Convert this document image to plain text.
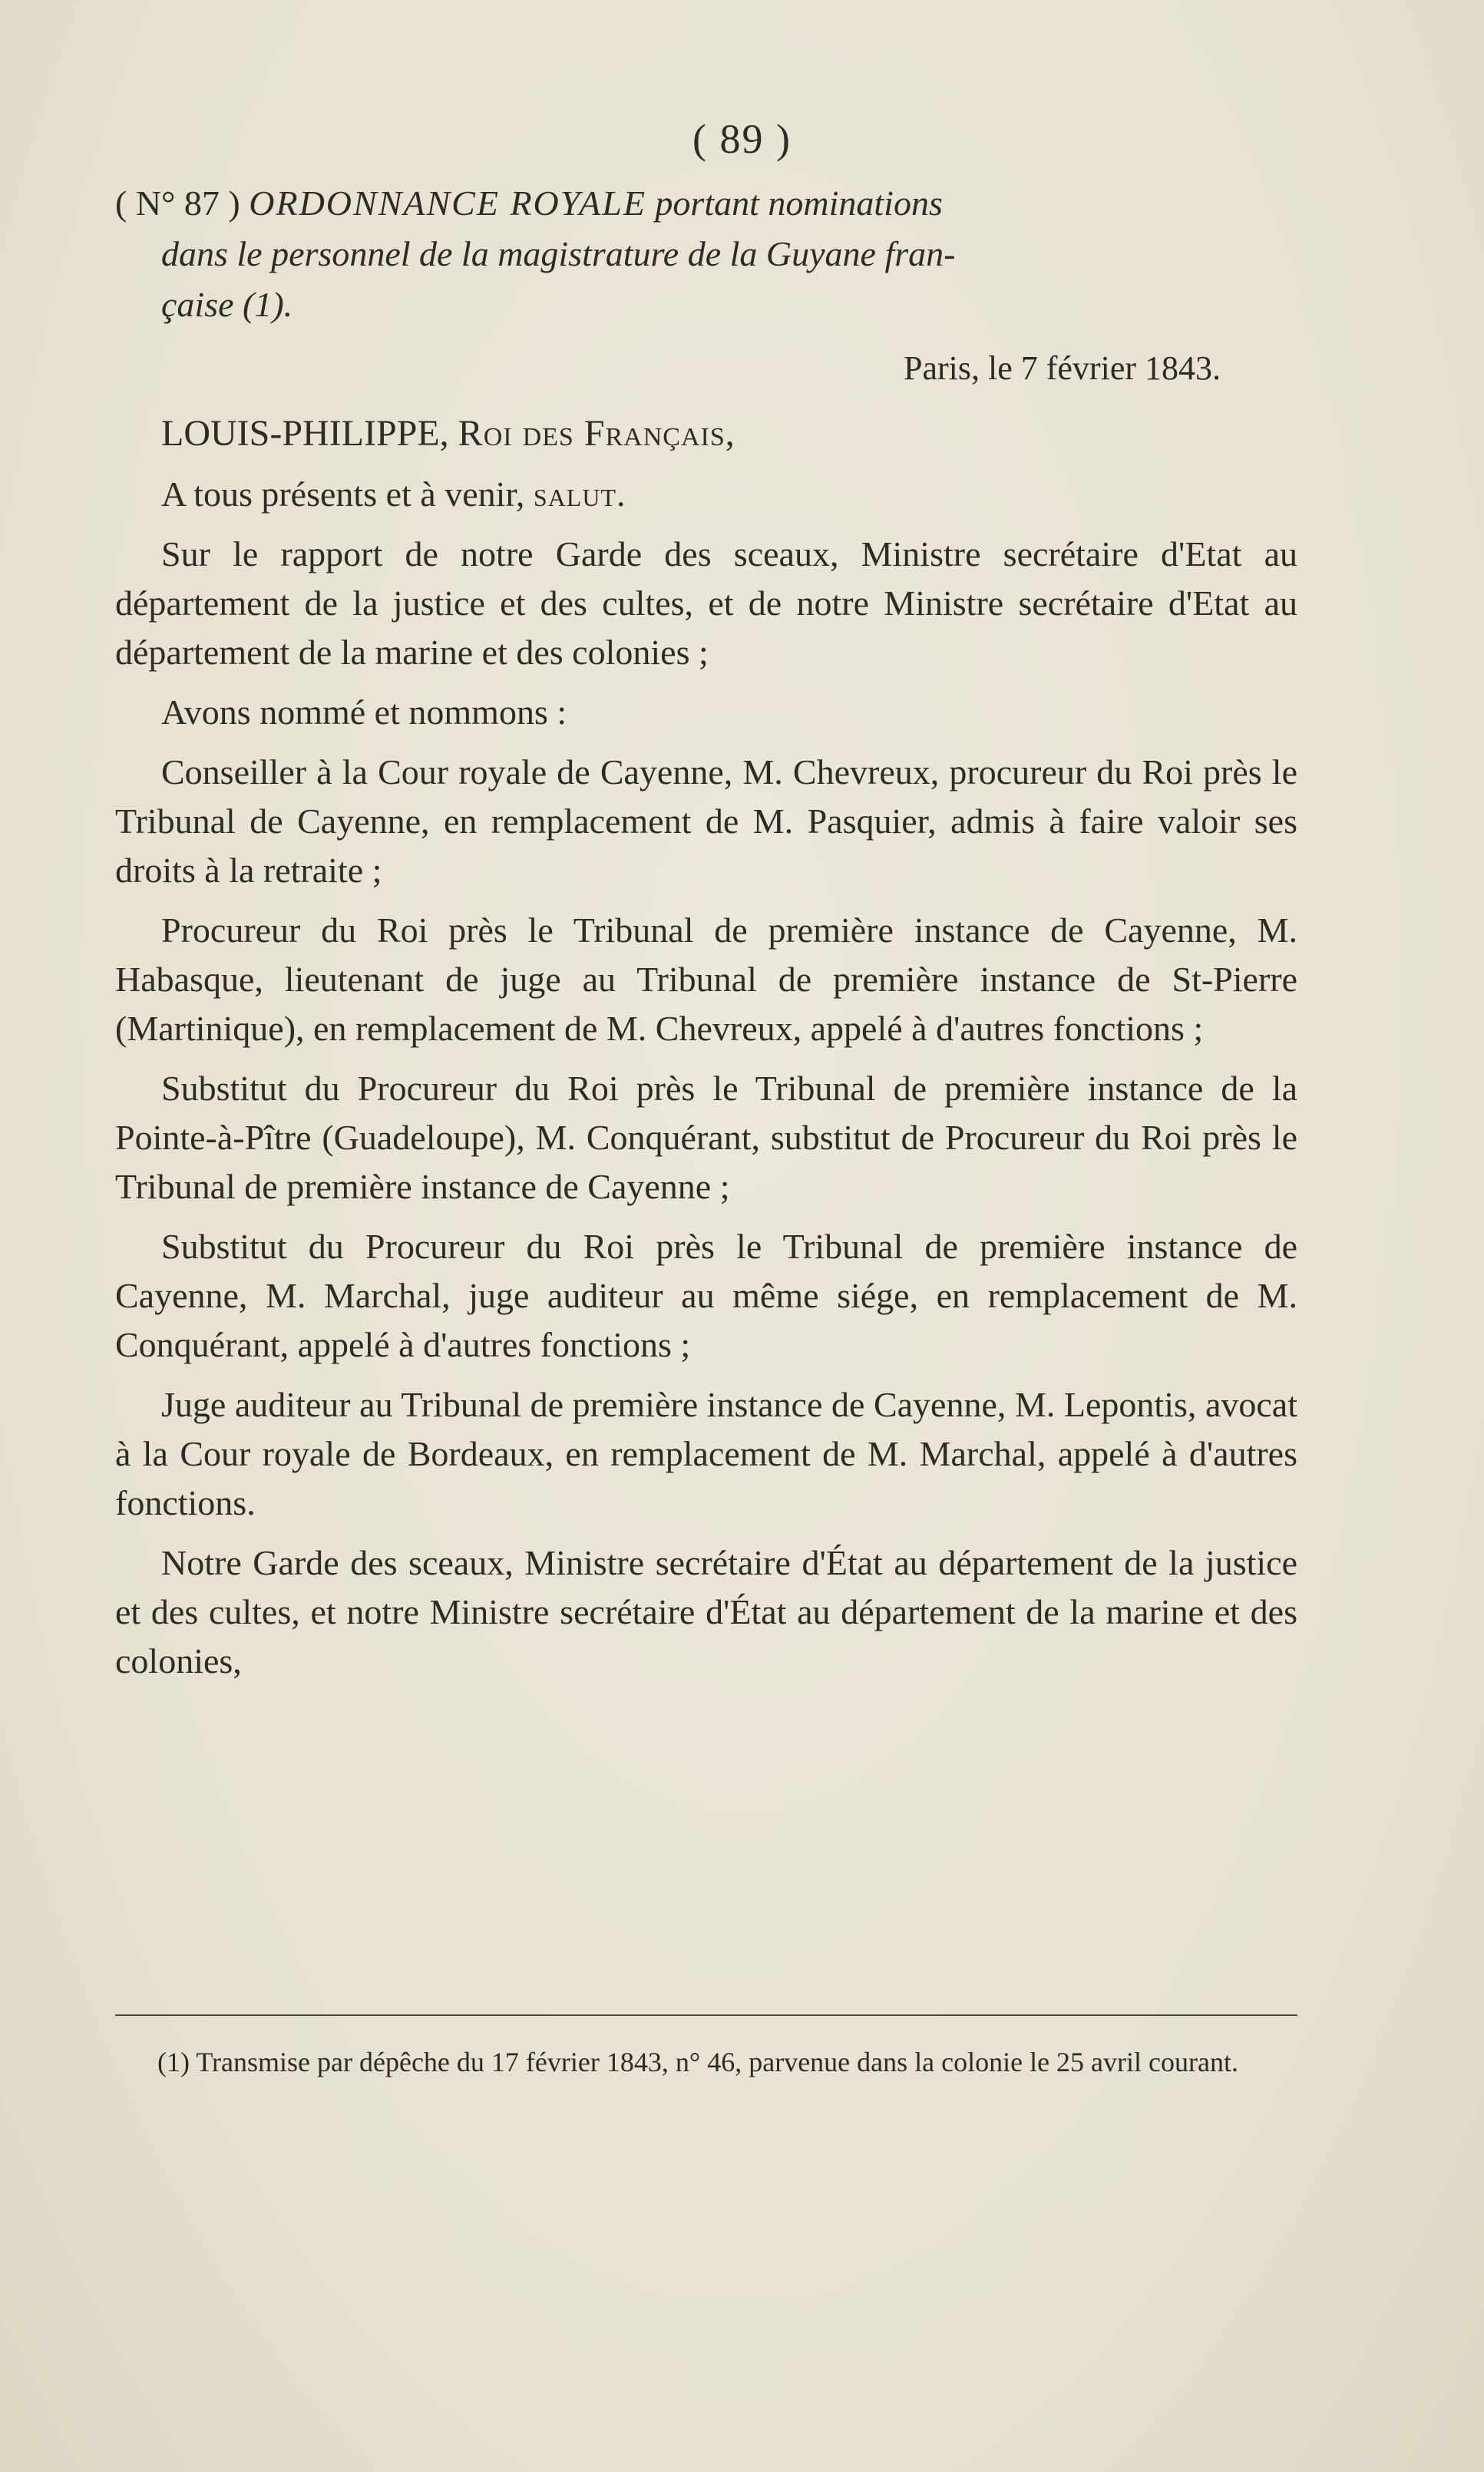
( 89 )
( N° 87 ) ORDONNANCE ROYALE portant nominations
dans le personnel de la magistrature de la Guyane fran-
çaise (1).
Paris, le 7 février 1843.
LOUIS-PHILIPPE, Roi des Français,
A tous présents et à venir, salut.
Sur le rapport de notre Garde des sceaux, Ministre secrétaire d'Etat au département de la justice et des cultes, et de notre Ministre secrétaire d'Etat au département de la marine et des colonies ;
Avons nommé et nommons :
Conseiller à la Cour royale de Cayenne, M. Chevreux, procureur du Roi près le Tribunal de Cayenne, en remplacement de M. Pasquier, admis à faire valoir ses droits à la retraite ;
Procureur du Roi près le Tribunal de première instance de Cayenne, M. Habasque, lieutenant de juge au Tribunal de première instance de St-Pierre (Martinique), en remplacement de M. Chevreux, appelé à d'autres fonctions ;
Substitut du Procureur du Roi près le Tribunal de première instance de la Pointe-à-Pître (Guadeloupe), M. Conquérant, substitut de Procureur du Roi près le Tribunal de première instance de Cayenne ;
Substitut du Procureur du Roi près le Tribunal de première instance de Cayenne, M. Marchal, juge auditeur au même siége, en remplacement de M. Conquérant, appelé à d'autres fonctions ;
Juge auditeur au Tribunal de première instance de Cayenne, M. Lepontis, avocat à la Cour royale de Bordeaux, en remplacement de M. Marchal, appelé à d'autres fonctions.
Notre Garde des sceaux, Ministre secrétaire d'État au département de la justice et des cultes, et notre Ministre secrétaire d'État au département de la marine et des colonies,
(1) Transmise par dépêche du 17 février 1843, n° 46, parvenue dans la colonie le 25 avril courant.
